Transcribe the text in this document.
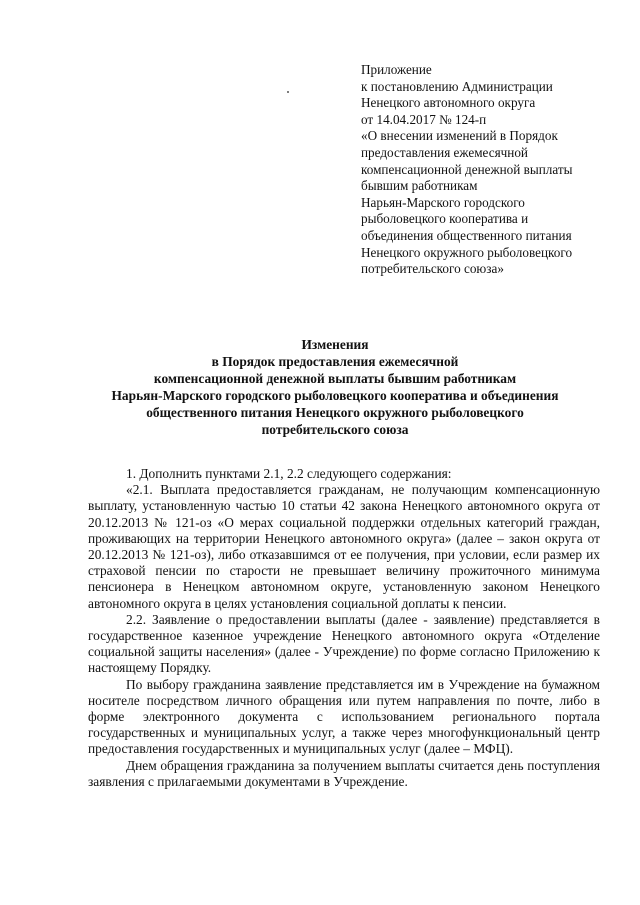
Приложение
к постановлению Администрации
Ненецкого автономного округа
от 14.04.2017 № 124-п
«О внесении изменений в Порядок
предоставления ежемесячной
компенсационной денежной выплаты
бывшим работникам
Нарьян-Марского городского
рыболовецкого кооператива и
объединения общественного питания
Ненецкого окружного рыболовецкого
потребительского союза»
Изменения
в Порядок предоставления ежемесячной
компенсационной денежной выплаты бывшим работникам
Нарьян-Марского городского рыболовецкого кооператива и объединения
общественного питания Ненецкого окружного рыболовецкого
потребительского союза

1. Дополнить пунктами 2.1, 2.2 следующего содержания:

«2.1. Выплата предоставляется гражданам, не получающим компенсационную выплату, установленную частью 10 статьи 42 закона Ненецкого автономного округа от 20.12.2013 № 121-оз «О мерах социальной поддержки отдельных категорий граждан, проживающих на территории Ненецкого автономного округа» (далее – закон округа от 20.12.2013 № 121-оз), либо отказавшимся от ее получения, при условии, если размер их страховой пенсии по старости не превышает величину прожиточного минимума пенсионера в Ненецком автономном округе, установленную законом Ненецкого автономного округа в целях установления социальной доплаты к пенсии.

2.2. Заявление о предоставлении выплаты (далее - заявление) представляется в государственное казенное учреждение Ненецкого автономного округа «Отделение социальной защиты населения» (далее - Учреждение) по форме согласно Приложению к настоящему Порядку.

По выбору гражданина заявление представляется им в Учреждение на бумажном носителе посредством личного обращения или путем направления по почте, либо в форме электронного документа с использованием регионального портала государственных и муниципальных услуг, а также через многофункциональный центр предоставления государственных и муниципальных услуг (далее – МФЦ).

Днем обращения гражданина за получением выплаты считается день поступления заявления с прилагаемыми документами в Учреждение.
